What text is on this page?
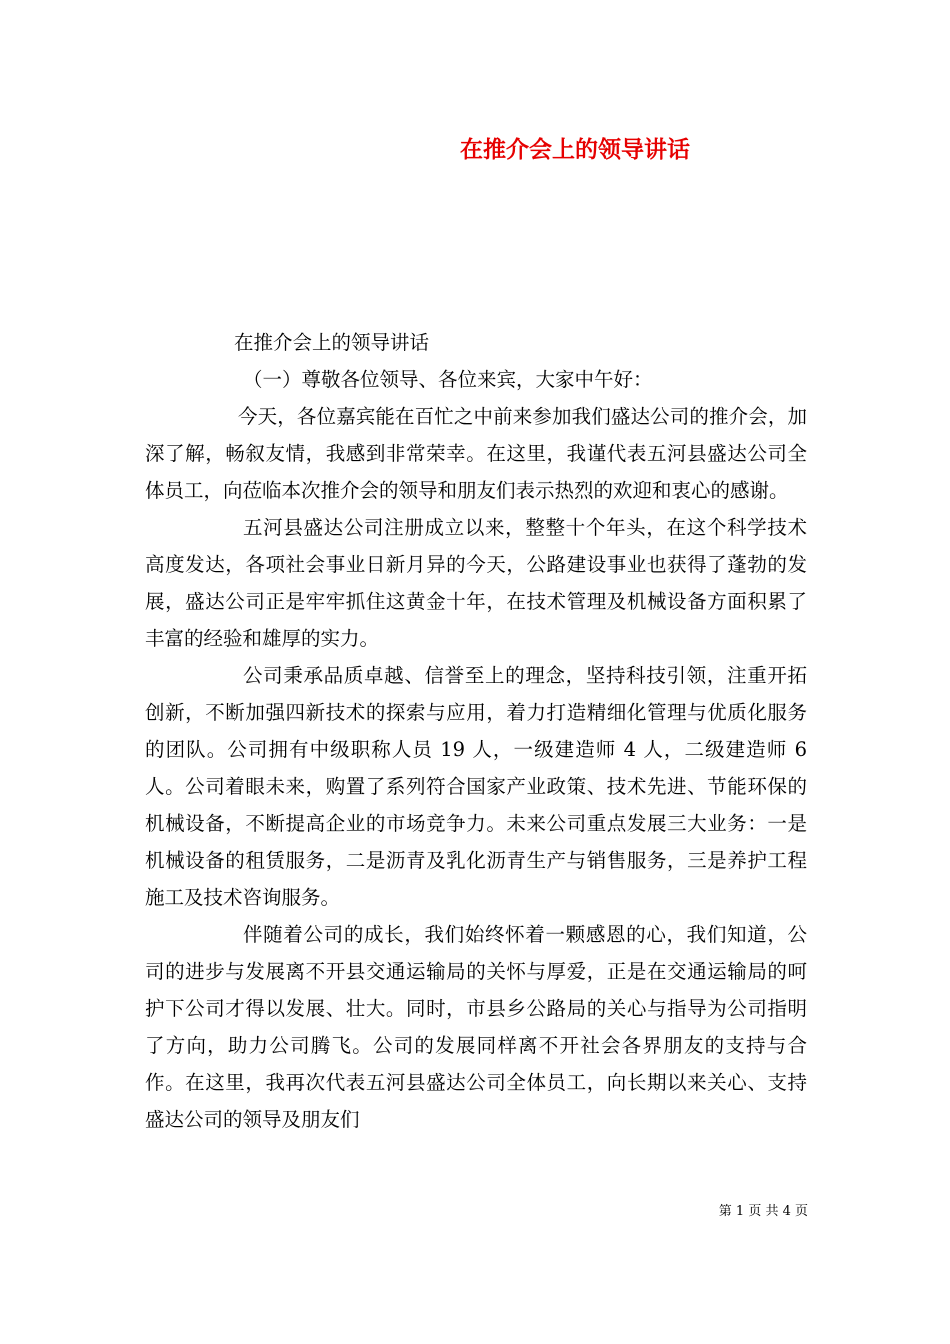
在推介会上的领导讲话

在推介会上的领导讲话

（一）尊敬各位领导、各位来宾，大家中午好：

今天，各位嘉宾能在百忙之中前来参加我们盛达公司的推介会，加深了解，畅叙友情，我感到非常荣幸。在这里，我谨代表五河县盛达公司全体员工，向莅临本次推介会的领导和朋友们表示热烈的欢迎和衷心的感谢。

五河县盛达公司注册成立以来，整整十个年头，在这个科学技术高度发达，各项社会事业日新月异的今天，公路建设事业也获得了蓬勃的发展，盛达公司正是牢牢抓住这黄金十年，在技术管理及机械设备方面积累了丰富的经验和雄厚的实力。

公司秉承品质卓越、信誉至上的理念，坚持科技引领，注重开拓创新，不断加强四新技术的探索与应用，着力打造精细化管理与优质化服务的团队。公司拥有中级职称人员 19 人，一级建造师 4 人，二级建造师 6 人。公司着眼未来，购置了系列符合国家产业政策、技术先进、节能环保的机械设备，不断提高企业的市场竞争力。未来公司重点发展三大业务：一是机械设备的租赁服务，二是沥青及乳化沥青生产与销售服务，三是养护工程施工及技术咨询服务。

伴随着公司的成长，我们始终怀着一颗感恩的心，我们知道，公司的进步与发展离不开县交通运输局的关怀与厚爱，正是在交通运输局的呵护下公司才得以发展、壮大。同时，市县乡公路局的关心与指导为公司指明了方向，助力公司腾飞。公司的发展同样离不开社会各界朋友的支持与合作。在这里，我再次代表五河县盛达公司全体员工，向长期以来关心、支持盛达公司的领导及朋友们

第 1 页 共 4 页
